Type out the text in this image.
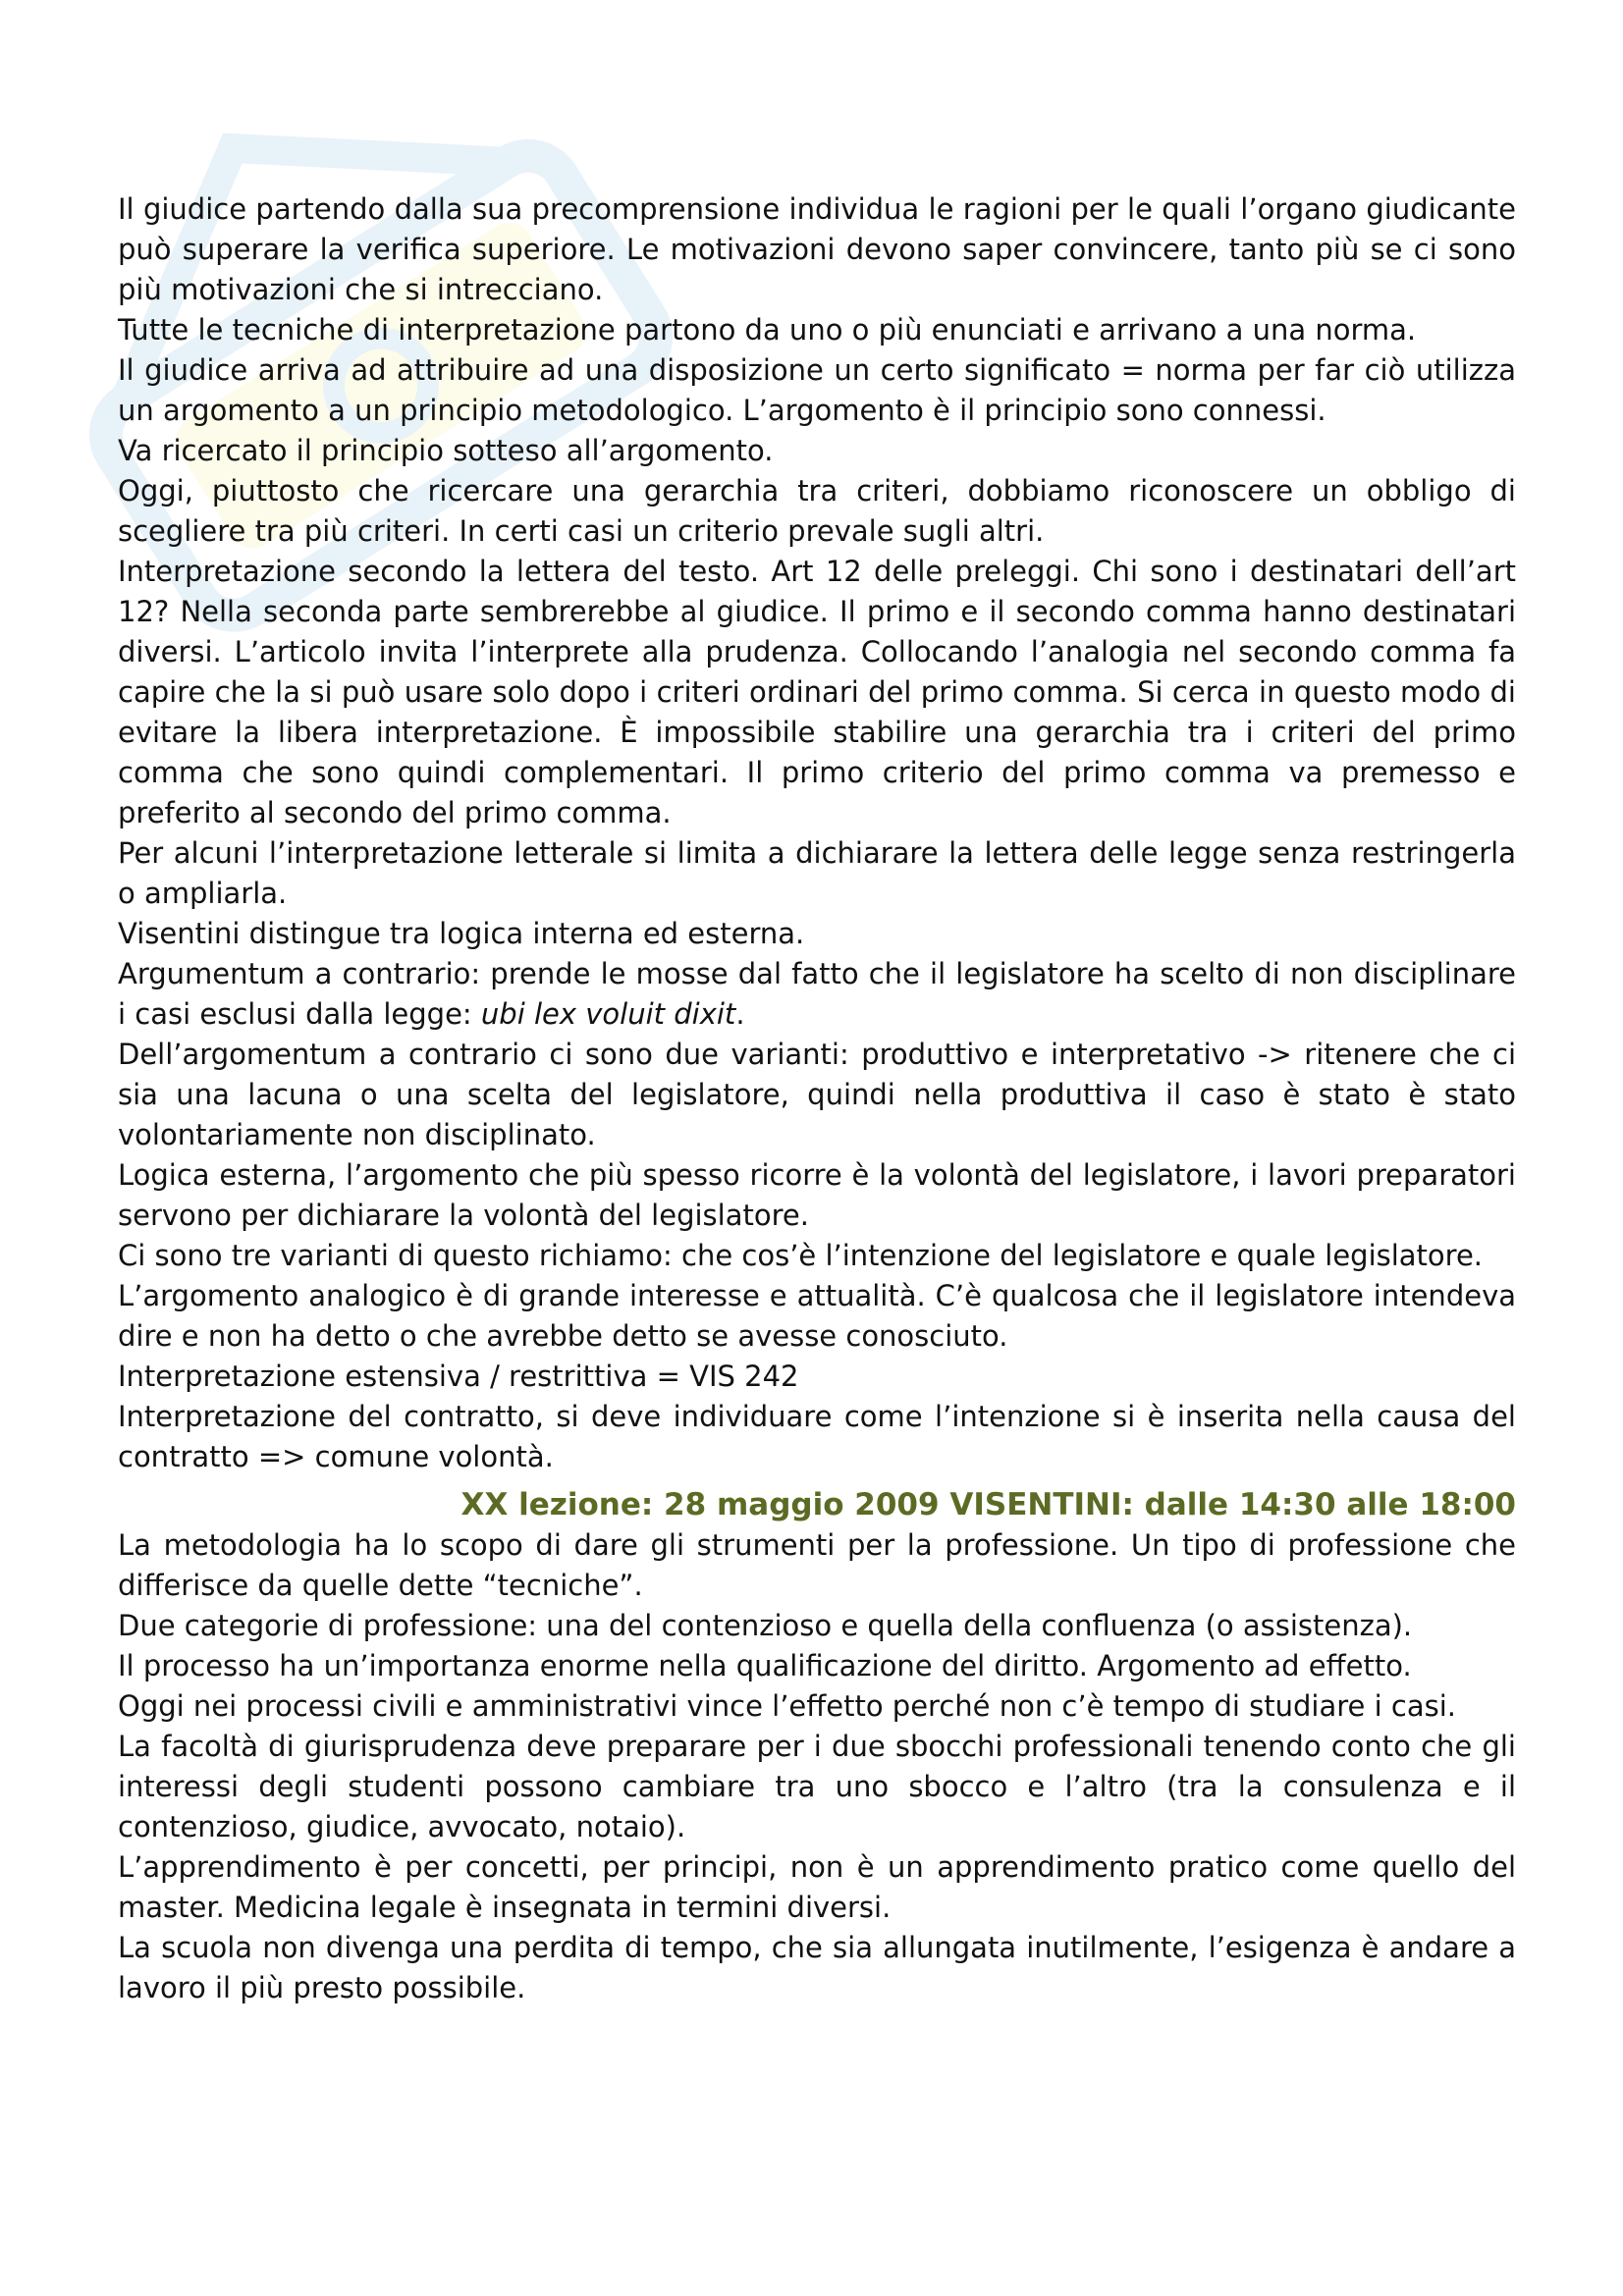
Il giudice partendo dalla sua precomprensione individua le ragioni per le quali l’organo giudicante può superare la verifica superiore. Le motivazioni devono saper convincere, tanto più se ci sono più motivazioni che si intrecciano.

Tutte le tecniche di interpretazione partono da uno o più enunciati e arrivano a una norma.

Il giudice arriva ad attribuire ad una disposizione un certo significato = norma per far ciò utilizza un argomento a un principio metodologico. L’argomento è il principio sono connessi.

Va ricercato il principio sotteso all’argomento.

Oggi, piuttosto che ricercare una gerarchia tra criteri, dobbiamo riconoscere un obbligo di scegliere tra più criteri. In certi casi un criterio prevale sugli altri.

Interpretazione secondo la lettera del testo. Art 12 delle preleggi. Chi sono i destinatari dell’art 12? Nella seconda parte sembrerebbe al giudice. Il primo e il secondo comma hanno destinatari diversi. L’articolo invita l’interprete alla prudenza. Collocando l’analogia nel secondo comma fa capire che la si può usare solo dopo i criteri ordinari del primo comma. Si cerca in questo modo di evitare la libera interpretazione. È impossibile stabilire una gerarchia tra i criteri del primo comma che sono quindi complementari. Il primo criterio del primo comma va premesso e preferito al secondo del primo comma.

Per alcuni l’interpretazione letterale si limita a dichiarare la lettera delle legge senza restringerla o ampliarla.

Visentini distingue tra logica interna ed esterna.

Argumentum a contrario: prende le mosse dal fatto che il legislatore ha scelto di non disciplinare i casi esclusi dalla legge: ubi lex voluit dixit.

Dell’argomentum a contrario ci sono due varianti: produttivo e interpretativo -> ritenere che ci sia una lacuna o una scelta del legislatore, quindi nella produttiva il caso è stato è stato volontariamente non disciplinato.

Logica esterna, l’argomento che più spesso ricorre è la volontà del legislatore, i lavori preparatori servono per dichiarare la volontà del legislatore.

Ci sono tre varianti di questo richiamo: che cos’è l’intenzione del legislatore e quale legislatore.

L’argomento analogico è di grande interesse e attualità. C’è qualcosa che il legislatore intendeva dire e non ha detto o che avrebbe detto se avesse conosciuto.

Interpretazione estensiva / restrittiva = VIS 242

Interpretazione del contratto, si deve individuare come l’intenzione si è inserita nella causa del contratto => comune volontà.

XX lezione: 28 maggio 2009 VISENTINI: dalle 14:30 alle 18:00

La metodologia ha lo scopo di dare gli strumenti per la professione. Un tipo di professione che differisce da quelle dette “tecniche”.

Due categorie di professione: una del contenzioso e quella della confluenza (o assistenza).

Il processo ha un’importanza enorme nella qualificazione del diritto. Argomento ad effetto.

Oggi nei processi civili e amministrativi vince l’effetto perché non c’è tempo di studiare i casi.

La facoltà di giurisprudenza deve preparare per i due sbocchi professionali tenendo conto che gli interessi degli studenti possono cambiare tra uno sbocco e l’altro (tra la consulenza e il contenzioso, giudice, avvocato, notaio).

L’apprendimento è per concetti, per principi, non è un apprendimento pratico come quello del master. Medicina legale è insegnata in termini diversi.

La scuola non divenga una perdita di tempo, che sia allungata inutilmente, l’esigenza è andare a lavoro il più presto possibile.
